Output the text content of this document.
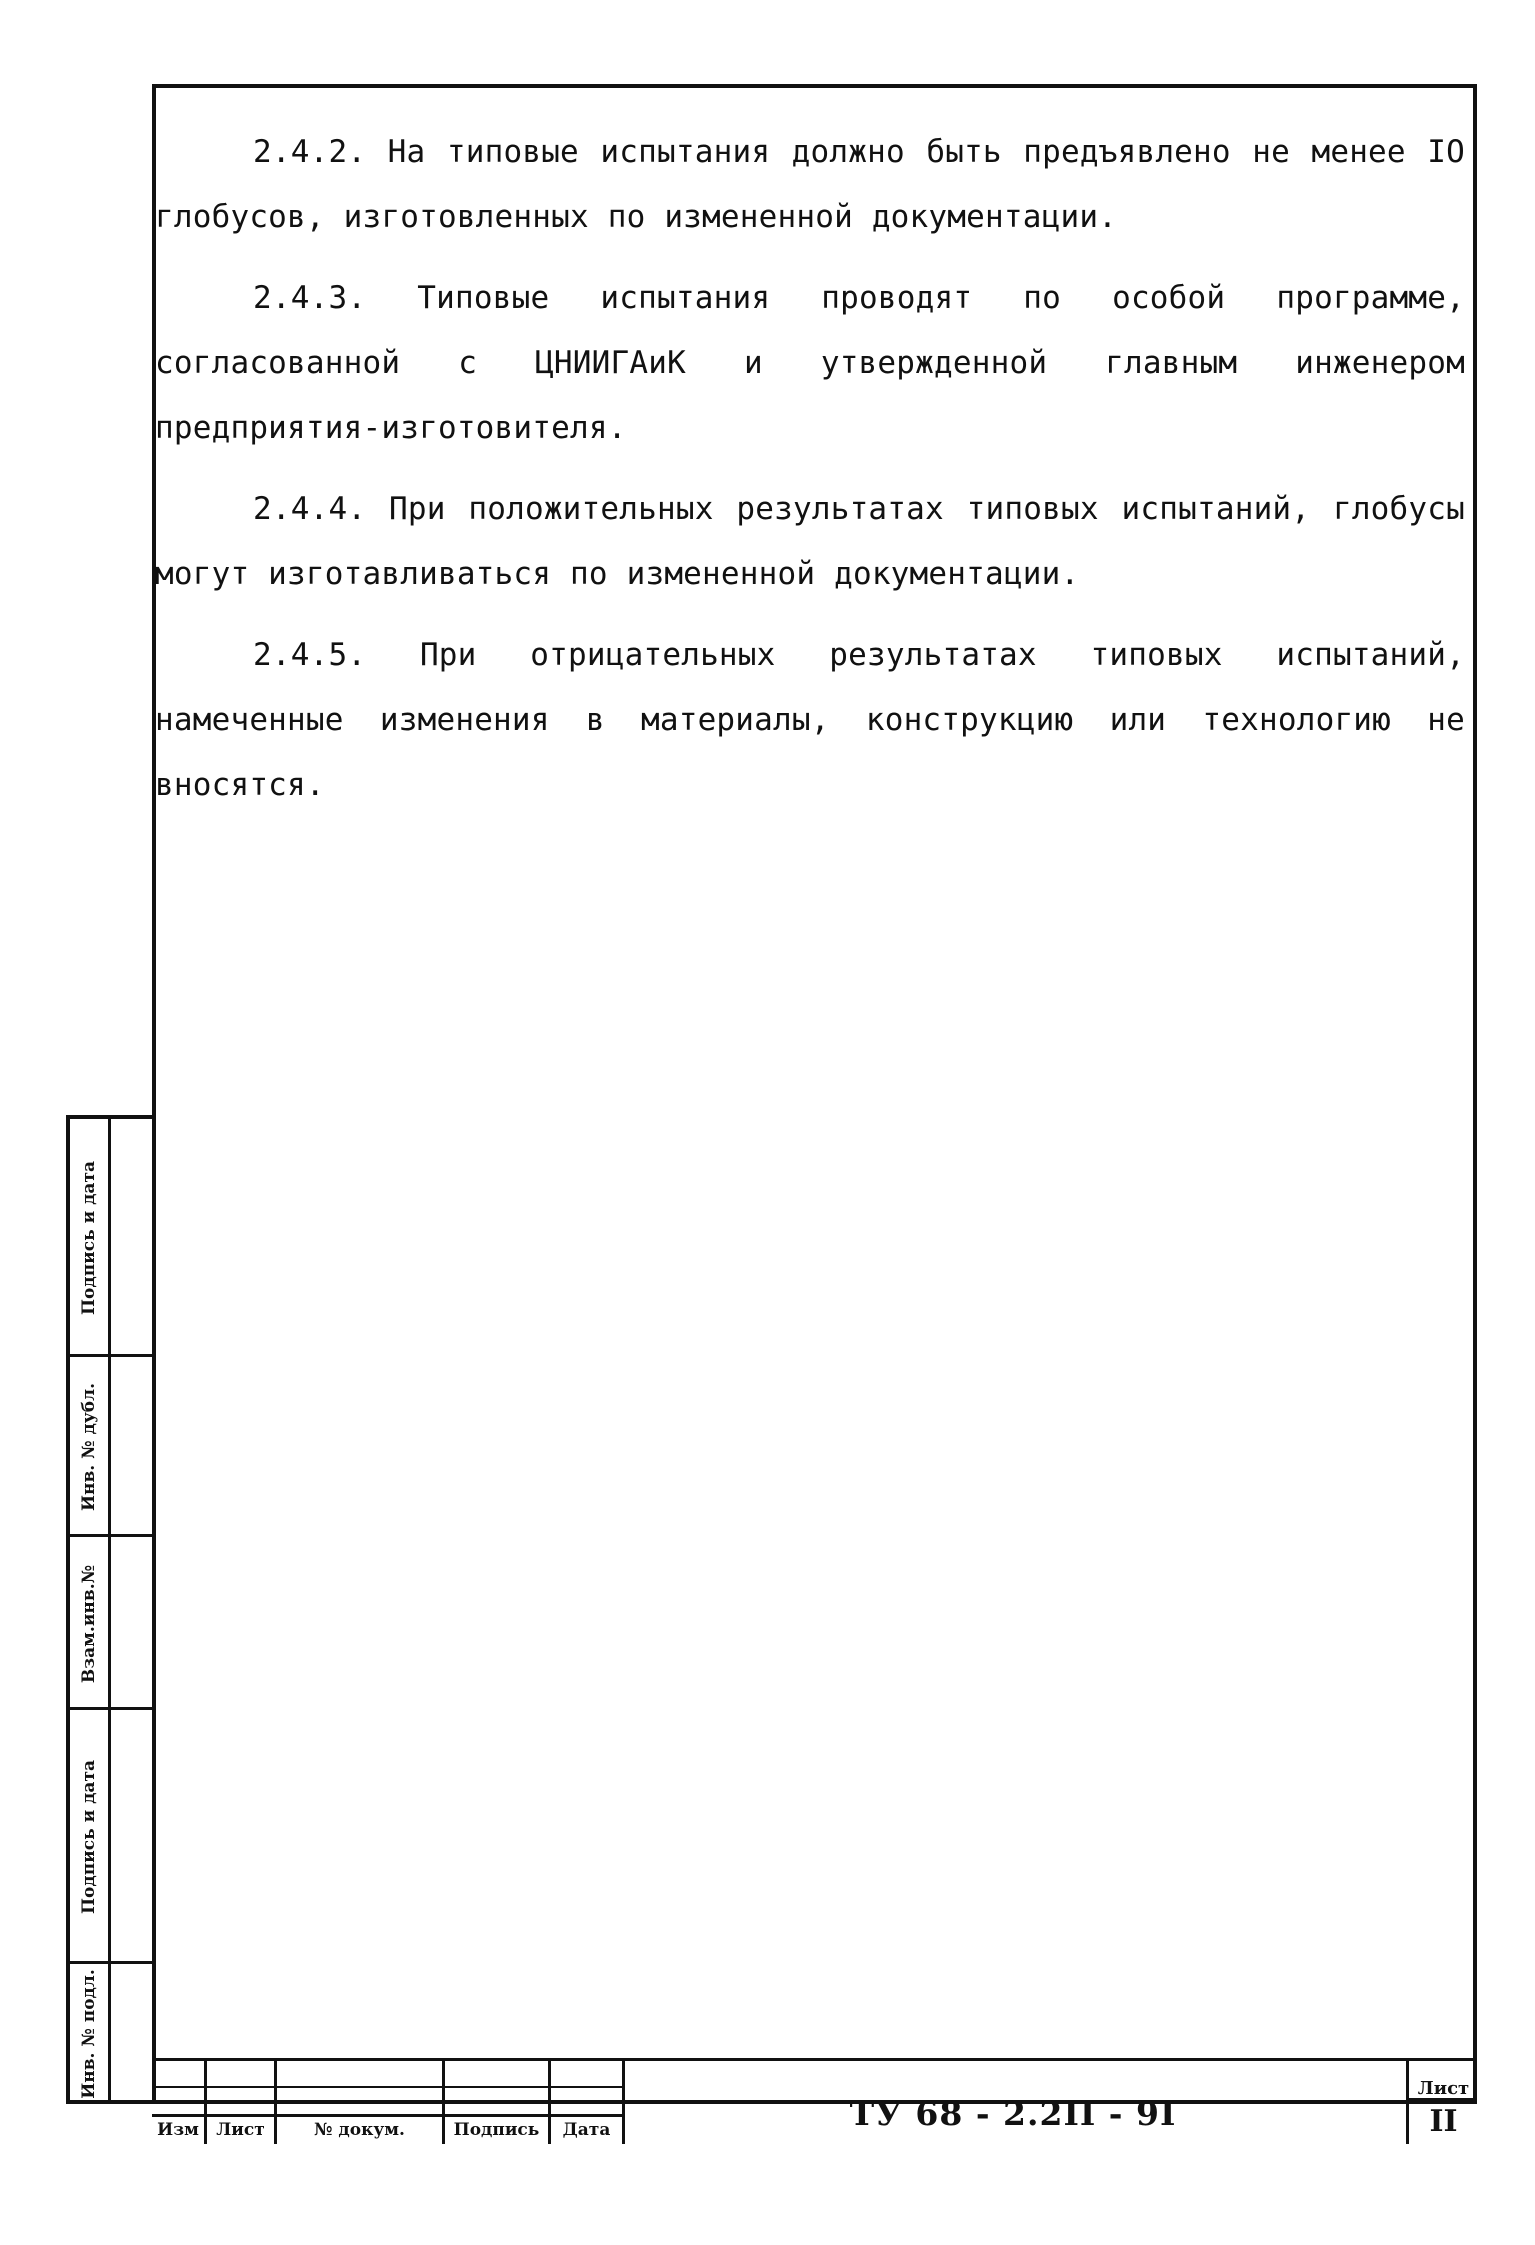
2.4.2. На типовые испытания должно быть предъявлено не менее IO глобусов, изготовленных по измененной документации.

2.4.3. Типовые испытания проводят по особой программе, согласованной с ЦНИИГАиК и утвержденной главным инженером предприятия-изготовителя.

2.4.4. При положительных результатах типовых испытаний, глобусы могут изготавливаться по измененной документации.

2.4.5. При отрицательных результатах типовых испытаний, намеченные изменения в материалы, конструкцию или технологию не вносятся.

Подпись и дата
Инв. № дубл.
Взам.инв.№
Подпись и дата
Инв. № подл.
Изм	Лист	№ докум.	Подпись	Дата	ТУ 68 - 2.2II - 9I
Лист
II
